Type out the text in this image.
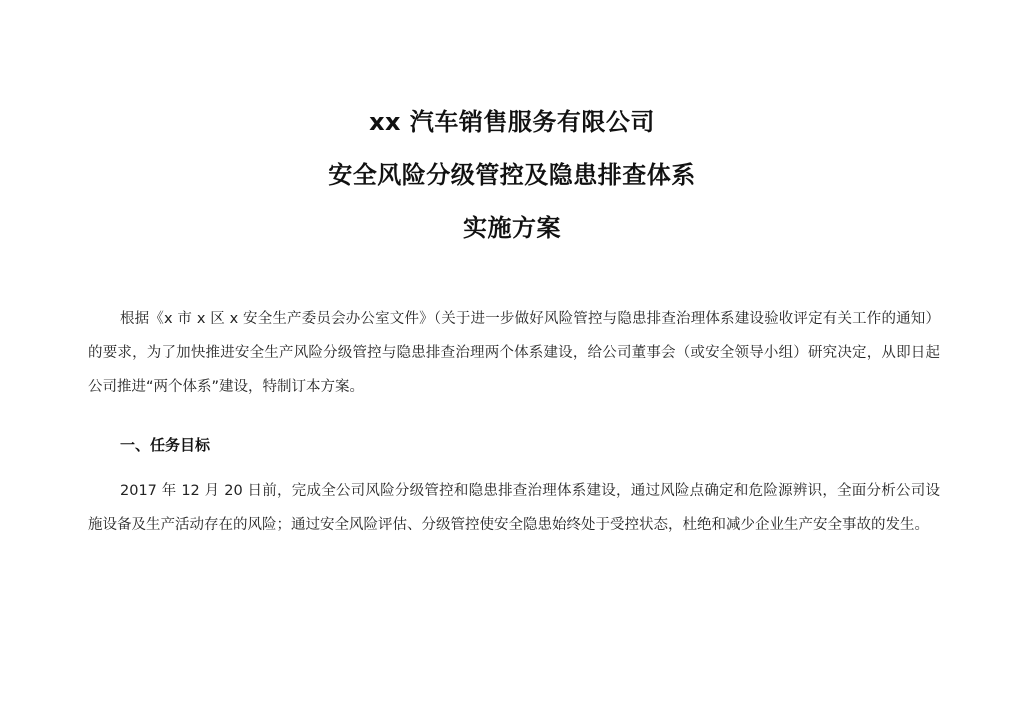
xx 汽车销售服务有限公司
安全风险分级管控及隐患排查体系
实施方案

根据《x 市 x 区 x 安全生产委员会办公室文件》（关于进一步做好风险管控与隐患排查治理体系建设验收评定有关工作的通知）的要求，为了加快推进安全生产风险分级管控与隐患排查治理两个体系建设，给公司董事会（或安全领导小组）研究决定，从即日起公司推进“两个体系”建设，特制订本方案。

一、任务目标

2017 年 12 月 20 日前，完成全公司风险分级管控和隐患排查治理体系建设，通过风险点确定和危险源辨识，全面分析公司设施设备及生产活动存在的风险；通过安全风险评估、分级管控使安全隐患始终处于受控状态，杜绝和减少企业生产安全事故的发生。
